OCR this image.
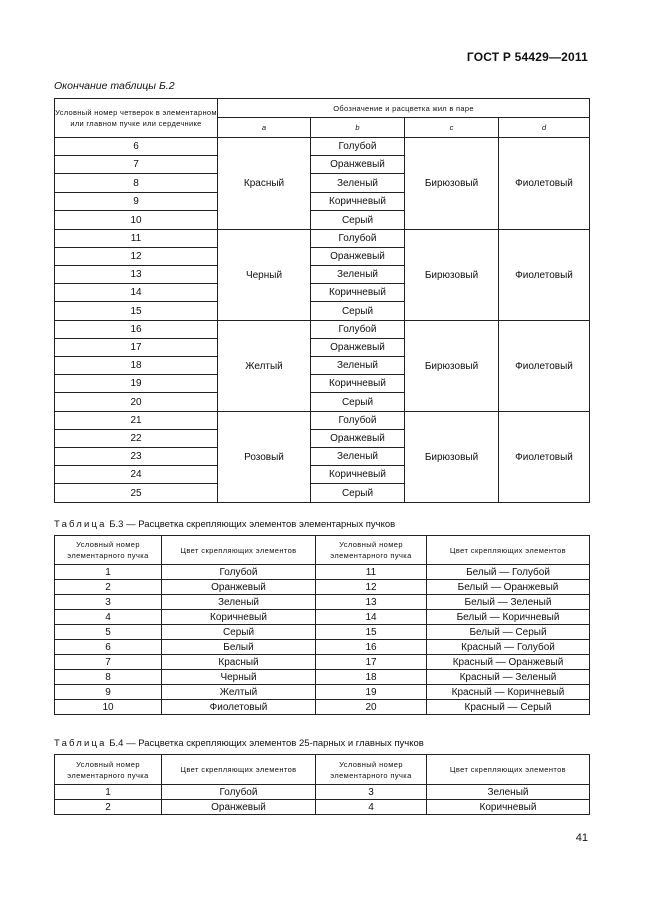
ГОСТ Р 54429—2011
Окончание таблицы Б.2
Условный номер четверок в элементарном или главном пучке или сердечнике	Обозначение и расцветка жил в паре			
	a	b	c	d
6	Красный	Голубой	Бирюзовый	Фиолетовый
7		Оранжевый		
8		Зеленый		
9		Коричневый		
10		Серый		
11	Черный	Голубой	Бирюзовый	Фиолетовый
12		Оранжевый		
13		Зеленый		
14		Коричневый		
15		Серый		
16	Желтый	Голубой	Бирюзовый	Фиолетовый
17		Оранжевый		
18		Зеленый		
19		Коричневый		
20		Серый		
21	Розовый	Голубой	Бирюзовый	Фиолетовый
22		Оранжевый		
23		Зеленый		
24		Коричневый		
25		Серый		
Таблица Б.3 — Расцветка скрепляющих элементов элементарных пучков
Условный номер элементарного пучка	Цвет скрепляющих элементов	Условный номер элементарного пучка	Цвет скрепляющих элементов
1	Голубой	11	Белый — Голубой
2	Оранжевый	12	Белый — Оранжевый
3	Зеленый	13	Белый — Зеленый
4	Коричневый	14	Белый — Коричневый
5	Серый	15	Белый — Серый
6	Белый	16	Красный — Голубой
7	Красный	17	Красный — Оранжевый
8	Черный	18	Красный — Зеленый
9	Желтый	19	Красный — Коричневый
10	Фиолетовый	20	Красный — Серый
Таблица Б.4 — Расцветка скрепляющих элементов 25-парных и главных пучков
Условный номер элементарного пучка	Цвет скрепляющих элементов	Условный номер элементарного пучка	Цвет скрепляющих элементов
1	Голубой	3	Зеленый
2	Оранжевый	4	Коричневый
41
